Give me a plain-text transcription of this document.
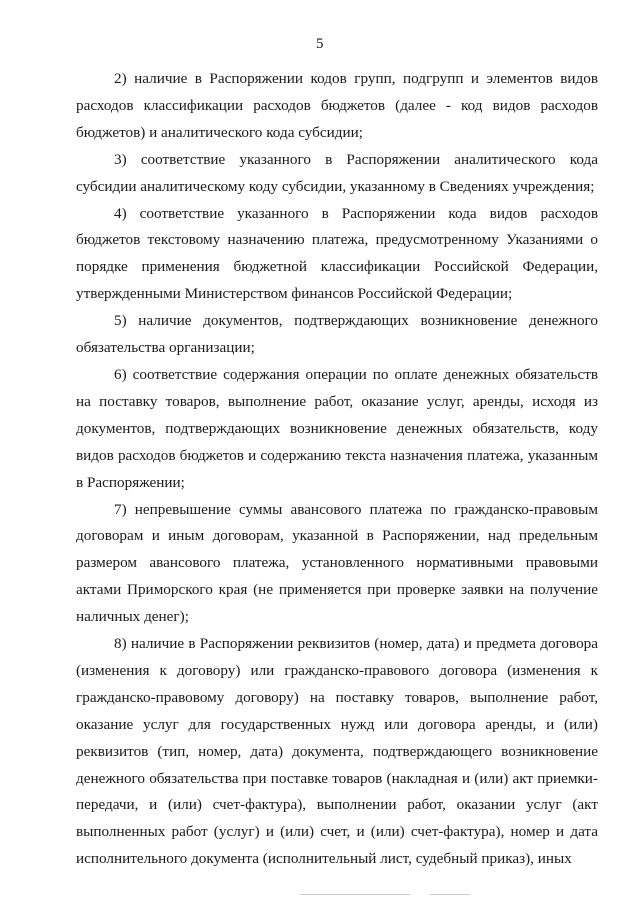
5

2) наличие в Распоряжении кодов групп, подгрупп и элементов видов расходов классификации расходов бюджетов (далее - код видов расходов бюджетов) и аналитического кода субсидии;

3) соответствие указанного в Распоряжении аналитического кода субсидии аналитическому коду субсидии, указанному в Сведениях учреждения;

4) соответствие указанного в Распоряжении кода видов расходов бюджетов текстовому назначению платежа, предусмотренному Указаниями о порядке применения бюджетной классификации Российской Федерации, утвержденными Министерством финансов Российской Федерации;

5) наличие документов, подтверждающих возникновение денежного обязательства организации;

6) соответствие содержания операции по оплате денежных обязательств на поставку товаров, выполнение работ, оказание услуг, аренды, исходя из документов, подтверждающих возникновение денежных обязательств, коду видов расходов бюджетов и содержанию текста назначения платежа, указанным в Распоряжении;

7) непревышение суммы авансового платежа по гражданско-правовым договорам и иным договорам, указанной в Распоряжении, над предельным размером авансового платежа, установленного нормативными правовыми актами Приморского края (не применяется при проверке заявки на получение наличных денег);

8) наличие в Распоряжении реквизитов (номер, дата) и предмета договора (изменения к договору) или гражданско-правового договора (изменения к гражданско-правовому договору) на поставку товаров, выполнение работ, оказание услуг для государственных нужд или договора аренды, и (или) реквизитов (тип, номер, дата) документа, подтверждающего возникновение денежного обязательства при поставке товаров (накладная и (или) акт приемки-передачи, и (или) счет-фактура), выполнении работ, оказании услуг (акт выполненных работ (услуг) и (или) счет, и (или) счет-фактура), номер и дата исполнительного документа (исполнительный лист, судебный приказ), иных
